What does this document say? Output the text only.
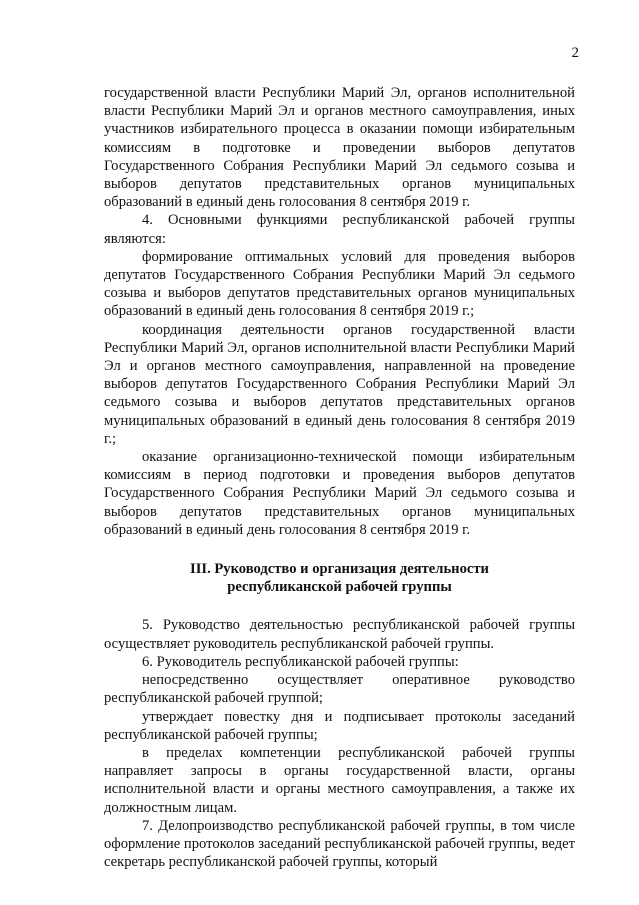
2

государственной власти Республики Марий Эл, органов исполнительной власти Республики Марий Эл и органов местного самоуправления, иных участников избирательного процесса в оказании помощи избирательным комиссиям в подготовке и проведении выборов депутатов Государственного Собрания Республики Марий Эл седьмого созыва и выборов депутатов представительных органов муниципальных образований в единый день голосования 8 сентября 2019 г.

4. Основными функциями республиканской рабочей группы являются:

формирование оптимальных условий для проведения выборов депутатов Государственного Собрания Республики Марий Эл седьмого созыва и выборов депутатов представительных органов муниципальных образований в единый день голосования 8 сентября 2019 г.;

координация деятельности органов государственной власти Республики Марий Эл, органов исполнительной власти Республики Марий Эл и органов местного самоуправления, направленной на проведение выборов депутатов Государственного Собрания Республики Марий Эл седьмого созыва и выборов депутатов представительных органов муниципальных образований в единый день голосования 8 сентября 2019 г.;

оказание организационно-технической помощи избирательным комиссиям в период подготовки и проведения выборов депутатов Государственного Собрания Республики Марий Эл седьмого созыва и выборов депутатов представительных органов муниципальных образований в единый день голосования 8 сентября 2019 г.

III. Руководство и организация деятельности
республиканской рабочей группы

5. Руководство деятельностью республиканской рабочей группы осуществляет руководитель республиканской рабочей группы.

6. Руководитель республиканской рабочей группы:

непосредственно осуществляет оперативное руководство республиканской рабочей группой;

утверждает повестку дня и подписывает протоколы заседаний республиканской рабочей группы;

в пределах компетенции республиканской рабочей группы направляет запросы в органы государственной власти, органы исполнительной власти и органы местного самоуправления, а также их должностным лицам.

7. Делопроизводство республиканской рабочей группы, в том числе оформление протоколов заседаний республиканской рабочей группы, ведет секретарь республиканской рабочей группы, который
